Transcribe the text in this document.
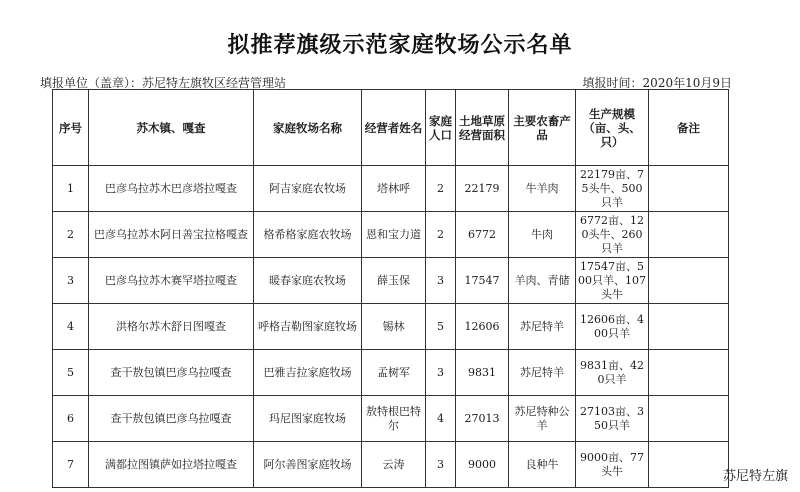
拟推荐旗级示范家庭牧场公示名单
填报单位（盖章）：苏尼特左旗牧区经营管理站	填报时间：2020年10月9日
序号	苏木镇、嘎查	家庭牧场名称	经营者姓名	家庭人口	土地草原经营面积	主要农畜产品	生产规模（亩、头、只）	备注
1	巴彦乌拉苏木巴彦塔拉嘎查	阿吉家庭农牧场	塔林呼	2	22179	牛羊肉	22179亩、75头牛、500只羊	
2	巴彦乌拉苏木阿日善宝拉格嘎查	格希格家庭农牧场	恩和宝力道	2	6772	牛肉	6772亩、120头牛、260只羊	
3	巴彦乌拉苏木赛罕塔拉嘎查	暖春家庭农牧场	薛玉保	3	17547	羊肉、青储	17547亩、500只羊、107头牛	
4	洪格尔苏木舒日图嘎查	呼格吉勒图家庭牧场	锡林	5	12606	苏尼特羊	12606亩、400只羊	
5	查干敖包镇巴彦乌拉嘎查	巴雅吉拉家庭牧场	孟树军	3	9831	苏尼特羊	9831亩、420只羊	
6	查干敖包镇巴彦乌拉嘎查	玛尼图家庭牧场	敖特根巴特尔	4	27013	苏尼特种公羊	27103亩、350只羊	
7	满都拉图镇萨如拉塔拉嘎查	阿尔善图家庭牧场	云涛	3	9000	良种牛	9000亩、77头牛		苏尼特左旗
